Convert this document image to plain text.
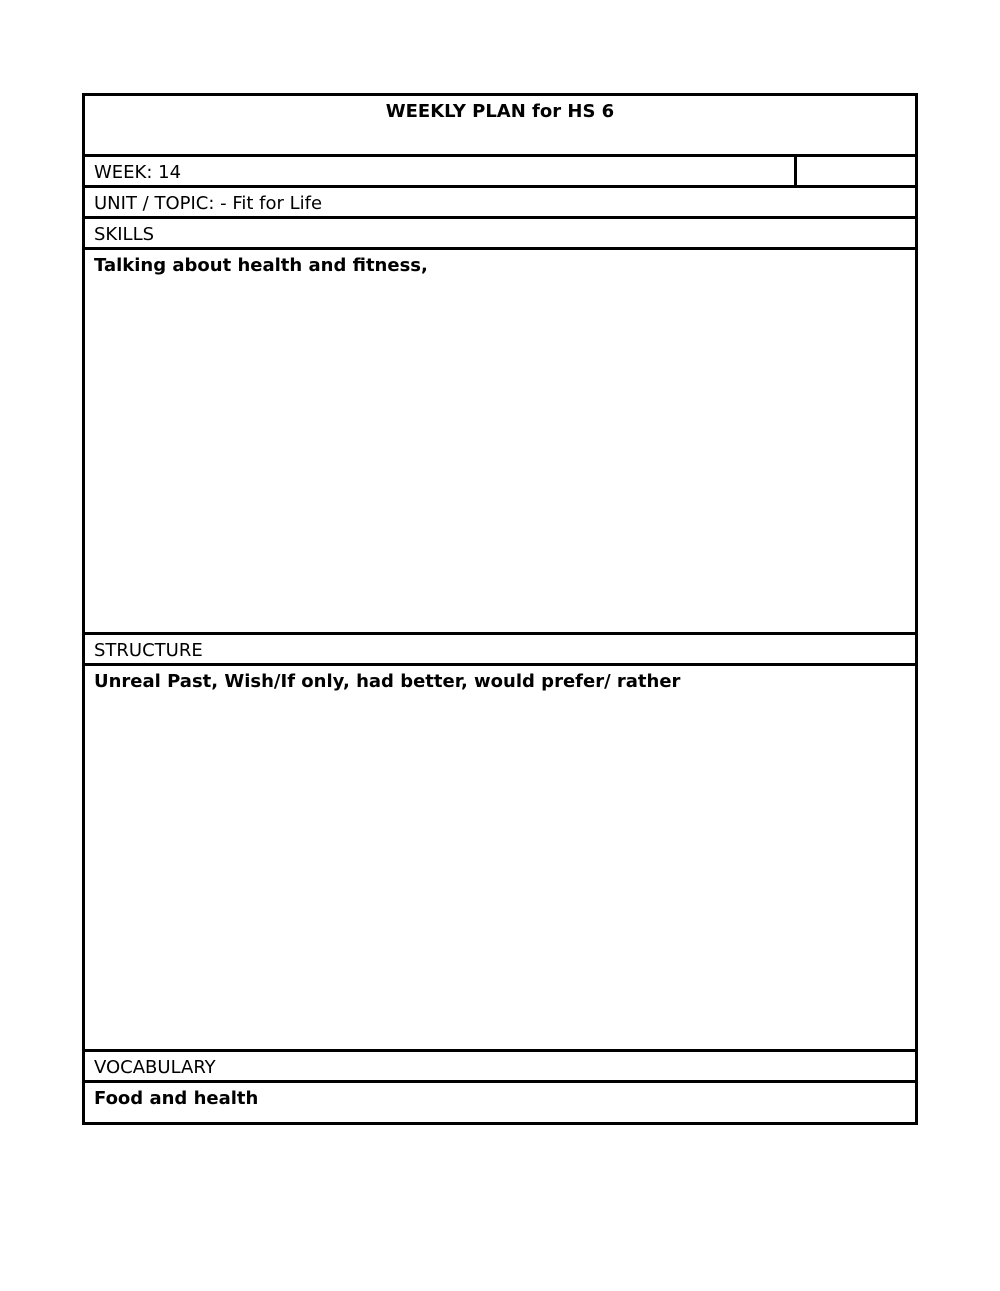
WEEKLY PLAN for HS 6
WEEK: 14
UNIT / TOPIC: - Fit for Life
SKILLS
Talking about health and fitness,
STRUCTURE
Unreal Past, Wish/If only, had better, would prefer/ rather
VOCABULARY
Food and health
